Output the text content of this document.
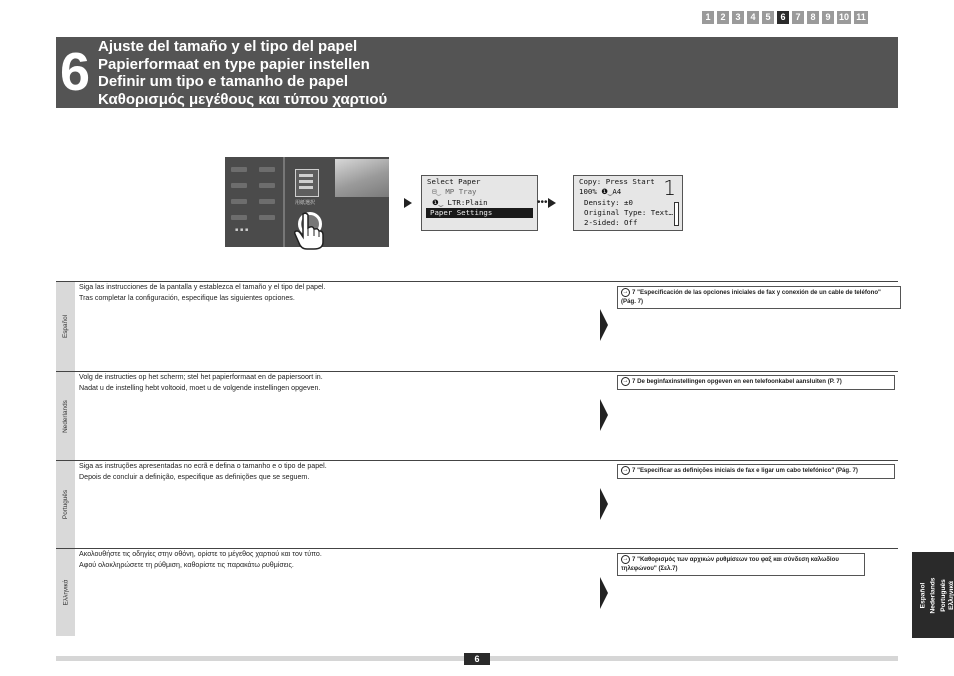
1	2	3	4	5	6	7	8	9 10 11
6 Ajuste del tamaño y el tipo del papel
Papierformaat en type papier instellen
Definir um tipo e tamanho de papel
Καθορισμός μεγέθους και τύπου χαρτιού
▪ ▪ ▪
用紙選択
Select Paper
⊟‿ MP Tray
❶‿ LTR:Plain
Paper Settings
•••
Copy: Press Start
100% ❶‿A4
Density: ±0
Original Type: Text…
2-Sided: Off
1
Español
Siga las instrucciones de la pantalla y establezca el tamaño y el tipo del papel.
Tras completar la configuración, especifique las siguientes opciones.
→ 7 "Especificación de las opciones iniciales de fax y conexión de un cable de teléfono" (Pág. 7)
Nederlands
Volg de instructies op het scherm; stel het papierformaat en de papiersoort in.
Nadat u de instelling hebt voltooid, moet u de volgende instellingen opgeven.
→ 7 De beginfaxinstellingen opgeven en een telefoonkabel aansluiten (P. 7)
Português
Siga as instruções apresentadas no ecrã e defina o tamanho e o tipo de papel.
Depois de concluir a definição, especifique as definições que se seguem.
→ 7 "Especificar as definições iniciais de fax e ligar um cabo telefónico" (Pág. 7)
Ελληνικά
Ακολουθήστε τις οδηγίες στην οθόνη, ορίστε το μέγεθος χαρτιού και τον τύπο.
Αφού ολοκληρώσετε τη ρύθμιση, καθορίστε τις παρακάτω ρυθμίσεις.
→ 7 "Καθορισμός των αρχικών ρυθμίσεων του φαξ και σύνδεση καλωδίου τηλεφώνου" (Σελ.7)
Español Nederlands Português Ελληνικά
6
